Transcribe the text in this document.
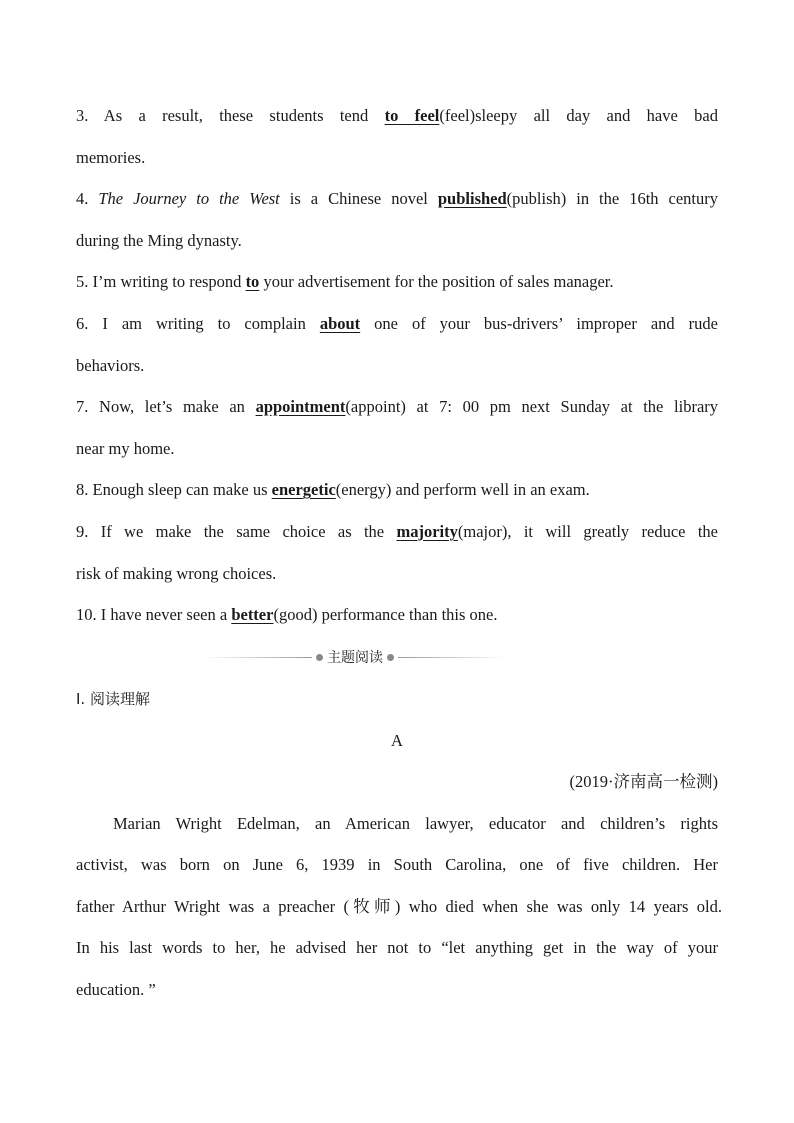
3. As a result, these students tend to feel(feel)sleepy all day and have bad
memories.
4. The Journey to the West is a Chinese novel published(publish) in the 16th century
during the Ming dynasty.
5. I’m writing to respond to your advertisement for the position of sales manager.
6. I am writing to complain about one of your bus-drivers’ improper and rude
behaviors.
7. Now, let’s make an appointment(appoint) at 7: 00 pm next Sunday at the library
near my home.
8. Enough sleep can make us energetic(energy) and perform well in an exam.
9. If we make the same choice as the majority(major), it will greatly reduce the
risk of making wrong choices.
10. I have never seen a better(good) performance than this one.
Ⅰ. 阅读理解
A
(2019·济南高一检测)
Marian Wright Edelman, an American lawyer, educator and children’s rights
activist, was born on June 6, 1939 in South Carolina, one of five children. Her
father Arthur Wright was a preacher (牧师) who died when she was only 14 years old.
In his last words to her, he advised her not to “let anything get in the way of your
education. ”
主题阅读
